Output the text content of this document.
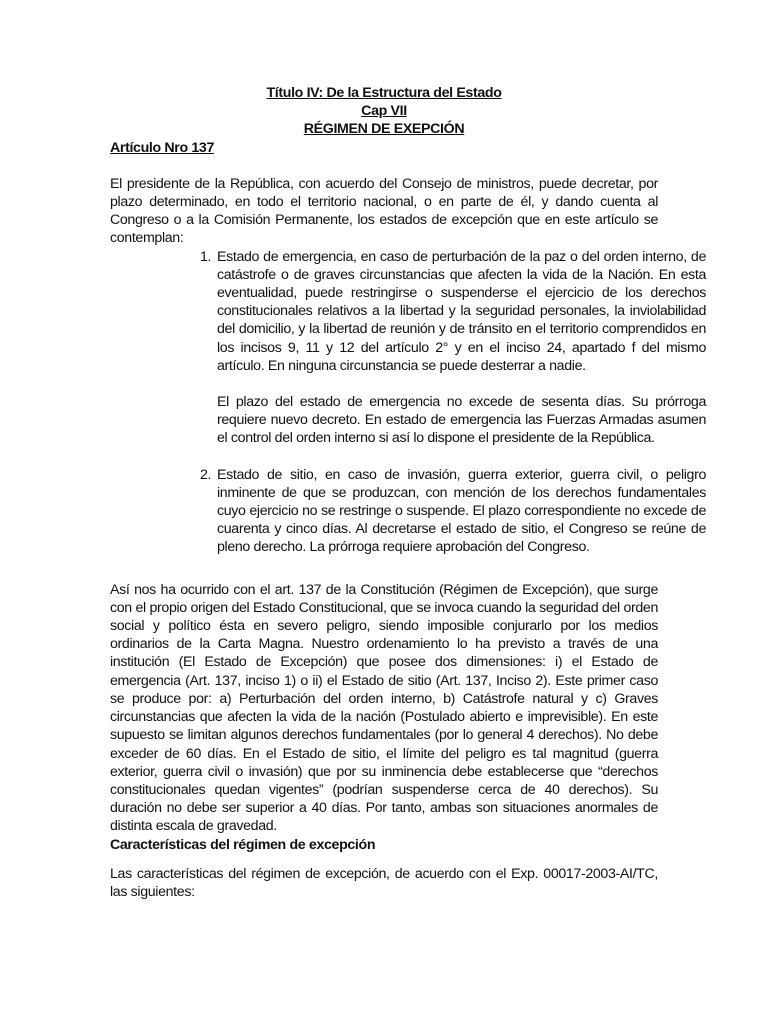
Título IV: De la Estructura del Estado
Cap VII
RÉGIMEN DE EXEPCIÓN
Artículo Nro 137

El presidente de la República, con acuerdo del Consejo de ministros, puede decretar, por plazo determinado, en todo el territorio nacional, o en parte de él, y dando cuenta al Congreso o a la Comisión Permanente, los estados de excepción que en este artículo se contemplan:

1. Estado de emergencia, en caso de perturbación de la paz o del orden interno, de catástrofe o de graves circunstancias que afecten la vida de la Nación. En esta eventualidad, puede restringirse o suspenderse el ejercicio de los derechos constitucionales relativos a la libertad y la seguridad personales, la inviolabilidad del domicilio, y la libertad de reunión y de tránsito en el territorio comprendidos en los incisos 9, 11 y 12 del artículo 2° y en el inciso 24, apartado f del mismo artículo. En ninguna circunstancia se puede desterrar a nadie.

El plazo del estado de emergencia no excede de sesenta días. Su prórroga requiere nuevo decreto. En estado de emergencia las Fuerzas Armadas asumen el control del orden interno si así lo dispone el presidente de la República.

2. Estado de sitio, en caso de invasión, guerra exterior, guerra civil, o peligro inminente de que se produzcan, con mención de los derechos fundamentales cuyo ejercicio no se restringe o suspende. El plazo correspondiente no excede de cuarenta y cinco días. Al decretarse el estado de sitio, el Congreso se reúne de pleno derecho. La prórroga requiere aprobación del Congreso.

Así nos ha ocurrido con el art. 137 de la Constitución (Régimen de Excepción), que surge con el propio origen del Estado Constitucional, que se invoca cuando la seguridad del orden social y político ésta en severo peligro, siendo imposible conjurarlo por los medios ordinarios de la Carta Magna. Nuestro ordenamiento lo ha previsto a través de una institución (El Estado de Excepción) que posee dos dimensiones: i) el Estado de emergencia (Art. 137, inciso 1) o ii) el Estado de sitio (Art. 137, Inciso 2). Este primer caso se produce por: a) Perturbación del orden interno, b) Catástrofe natural y c) Graves circunstancias que afecten la vida de la nación (Postulado abierto e imprevisible). En este supuesto se limitan algunos derechos fundamentales (por lo general 4 derechos). No debe exceder de 60 días. En el Estado de sitio, el límite del peligro es tal magnitud (guerra exterior, guerra civil o invasión) que por su inminencia debe establecerse que “derechos constitucionales quedan vigentes” (podrían suspenderse cerca de 40 derechos). Su duración no debe ser superior a 40 días. Por tanto, ambas son situaciones anormales de distinta escala de gravedad.

Características del régimen de excepción

Las características del régimen de excepción, de acuerdo con el Exp. 00017-2003-AI/TC, las siguientes:
